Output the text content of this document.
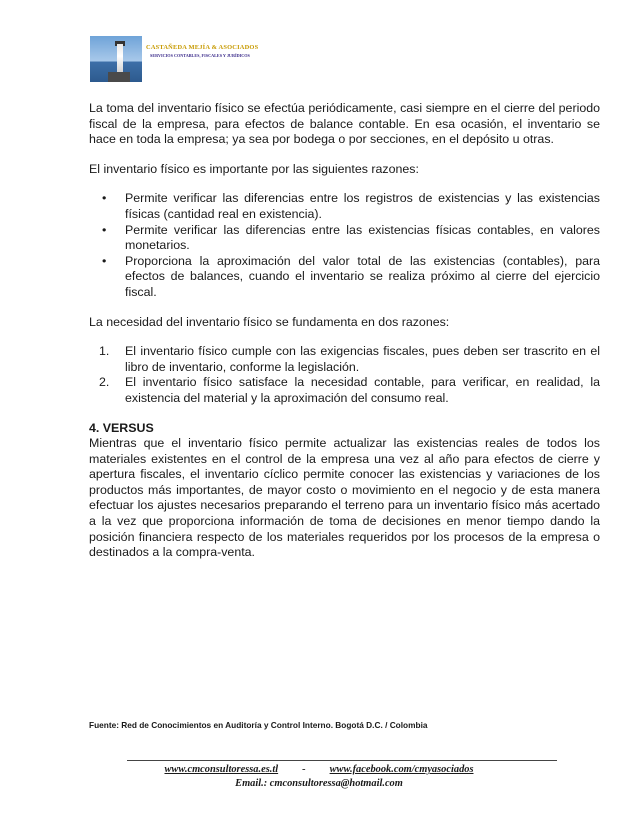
CASTAÑEDA MEJÍA & ASOCIADOS
SERVICIOS CONTABLES, FISCALES Y JURÍDICOS

La toma del inventario físico se efectúa periódicamente, casi siempre en el cierre del periodo fiscal de la empresa, para efectos de balance contable. En esa ocasión, el inventario se hace en toda la empresa; ya sea por bodega o por secciones, en el depósito u otras.

El inventario físico es importante por las siguientes razones:

• Permite verificar las diferencias entre los registros de existencias y las existencias físicas (cantidad real en existencia).
• Permite verificar las diferencias entre las existencias físicas contables, en valores monetarios.
• Proporciona la aproximación del valor total de las existencias (contables), para efectos de balances, cuando el inventario se realiza próximo al cierre del ejercicio fiscal.

La necesidad del inventario físico se fundamenta en dos razones:

1. El inventario físico cumple con las exigencias fiscales, pues deben ser trascrito en el libro de inventario, conforme la legislación.
2. El inventario físico satisface la necesidad contable, para verificar, en realidad, la existencia del material y la aproximación del consumo real.

4. VERSUS

Mientras que el inventario físico permite actualizar las existencias reales de todos los materiales existentes en el control de la empresa una vez al año para efectos de cierre y apertura fiscales, el inventario cíclico permite conocer las existencias y variaciones de los productos más importantes, de mayor costo o movimiento en el negocio y de esta manera efectuar los ajustes necesarios preparando el terreno para un inventario físico más acertado a la vez que proporciona información de toma de decisiones en menor tiempo dando la posición financiera respecto de los materiales requeridos por los procesos de la empresa o destinados a la compra-venta.

Fuente: Red de Conocimientos en Auditoría y Control Interno. Bogotá D.C. / Colombia
www.cmconsultoressa.es.tl - www.facebook.com/cmyasociados
Email.: cmconsultoressa@hotmail.com
